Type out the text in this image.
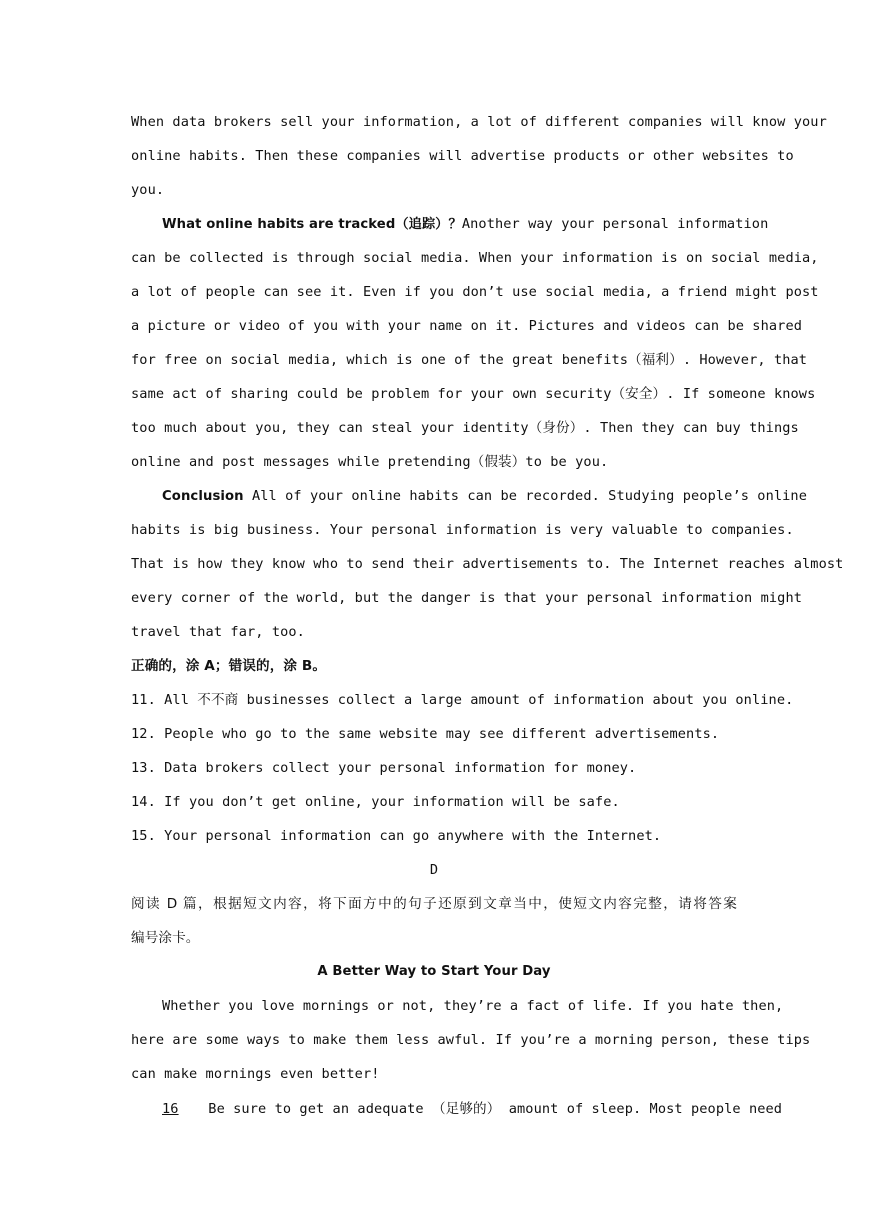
When data brokers sell your information, a lot of different companies will know your
online habits. Then these companies will advertise products or other websites to
you.
What online habits are tracked（追踪）？Another way your personal information
can be collected is through social media. When your information is on social media,
a lot of people can see it. Even if you don’t use social media, a friend might post
a picture or video of you with your name on it. Pictures and videos can be shared
for free on social media, which is one of the great benefits（福利）. However, that
same act of sharing could be problem for your own security（安全）. If someone knows
too much about you, they can steal your identity（身份）. Then they can buy things
online and post messages while pretending（假装）to be you.
Conclusion All of your online habits can be recorded. Studying people’s online
habits is big business. Your personal information is very valuable to companies.
That is how they know who to send their advertisements to. The Internet reaches almost
every corner of the world, but the danger is that your personal information might
travel that far, too.
正确的，涂 A；错误的，涂 B。
11. All 不不商 businesses collect a large amount of information about you online.
12. People who go to the same website may see different advertisements.
13. Data brokers collect your personal information for money.
14. If you don’t get online, your information will be safe.
15. Your personal information can go anywhere with the Internet.
D
阅读 D 篇，根据短文内容，将下面方中的句子还原到文章当中，使短文内容完整，请将答案
编号涂卡。
A Better Way to Start Your Day
Whether you love mornings or not, they’re a fact of life. If you hate then,
here are some ways to make them less awful. If you’re a morning person, these tips
can make mornings even better!
16 Be sure to get an adequate （足够的） amount of sleep. Most people need
